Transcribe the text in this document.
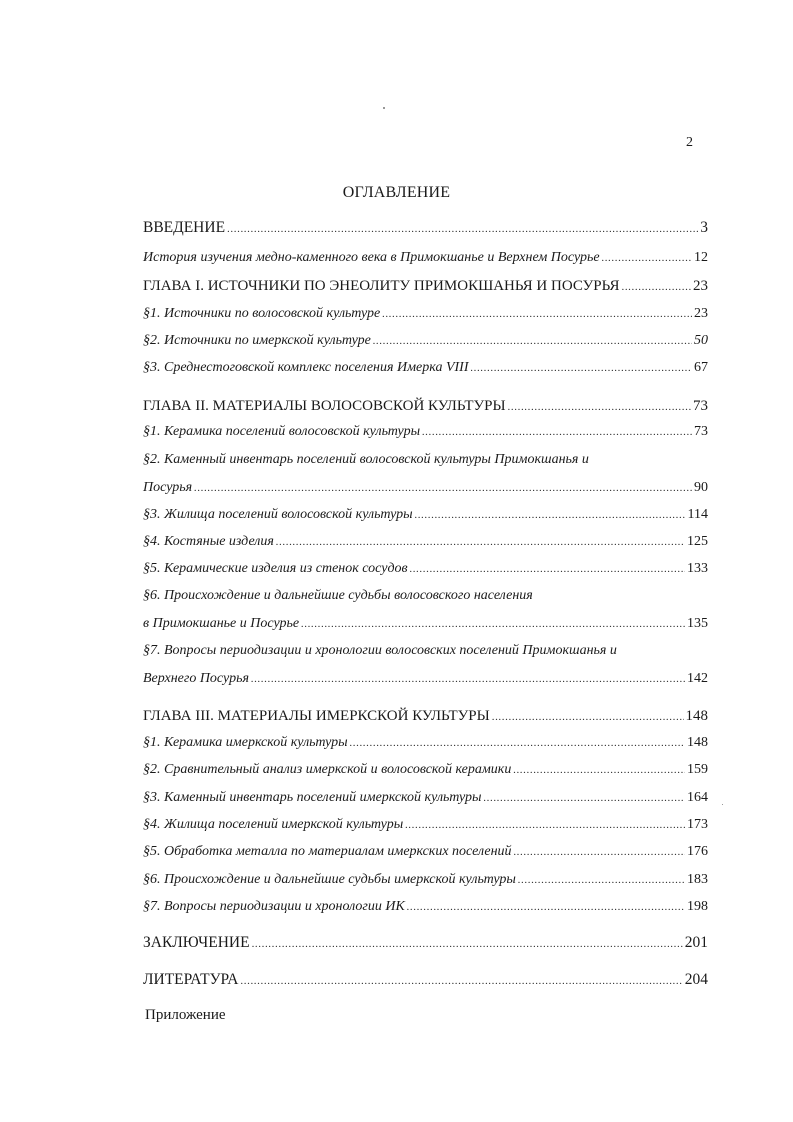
2
ОГЛАВЛЕНИЕ
ВВЕДЕНИЕ .....	3
История изучения медно-каменного века в Примокшанье и Верхнем Посурье .....	12
ГЛАВА I. ИСТОЧНИКИ ПО ЭНЕОЛИТУ ПРИМОКШАНЬЯ И ПОСУРЬЯ .....	23
§1. Источники по волосовской культуре .....	23
§2. Источники по имеркской культуре .....	50
§3. Среднестоговской комплекс поселения Имерка VIII .....	67
ГЛАВА II. МАТЕРИАЛЫ ВОЛОСОВСКОЙ КУЛЬТУРЫ .....	73
§1. Керамика поселений волосовской культуры .....	73
§2. Каменный инвентарь поселений волосовской культуры Примокшанья и
Посурья .....	90
§3. Жилища поселений волосовской культуры .....	114
§4. Костяные изделия .....	125
§5. Керамические изделия из стенок сосудов .....	133
§6. Происхождение и дальнейшие судьбы волосовского населения
в Примокшанье и Посурье .....	135
§7. Вопросы периодизации и хронологии волосовских поселений Примокшанья и
Верхнего Посурья .....	142
ГЛАВА III. МАТЕРИАЛЫ ИМЕРКСКОЙ КУЛЬТУРЫ .....	148
§1. Керамика имеркской культуры .....	148
§2. Сравнительный анализ имеркской и волосовской керамики .....	159
§3. Каменный инвентарь поселений имеркской культуры .....	164
§4. Жилища поселений имеркской культуры .....	173
§5. Обработка металла по материалам имеркских поселений .....	176
§6. Происхождение и дальнейшие судьбы имеркской культуры .....	183
§7. Вопросы периодизации и хронологии ИК .....	198
ЗАКЛЮЧЕНИЕ .....	201
ЛИТЕРАТУРА .....	204
Приложение
